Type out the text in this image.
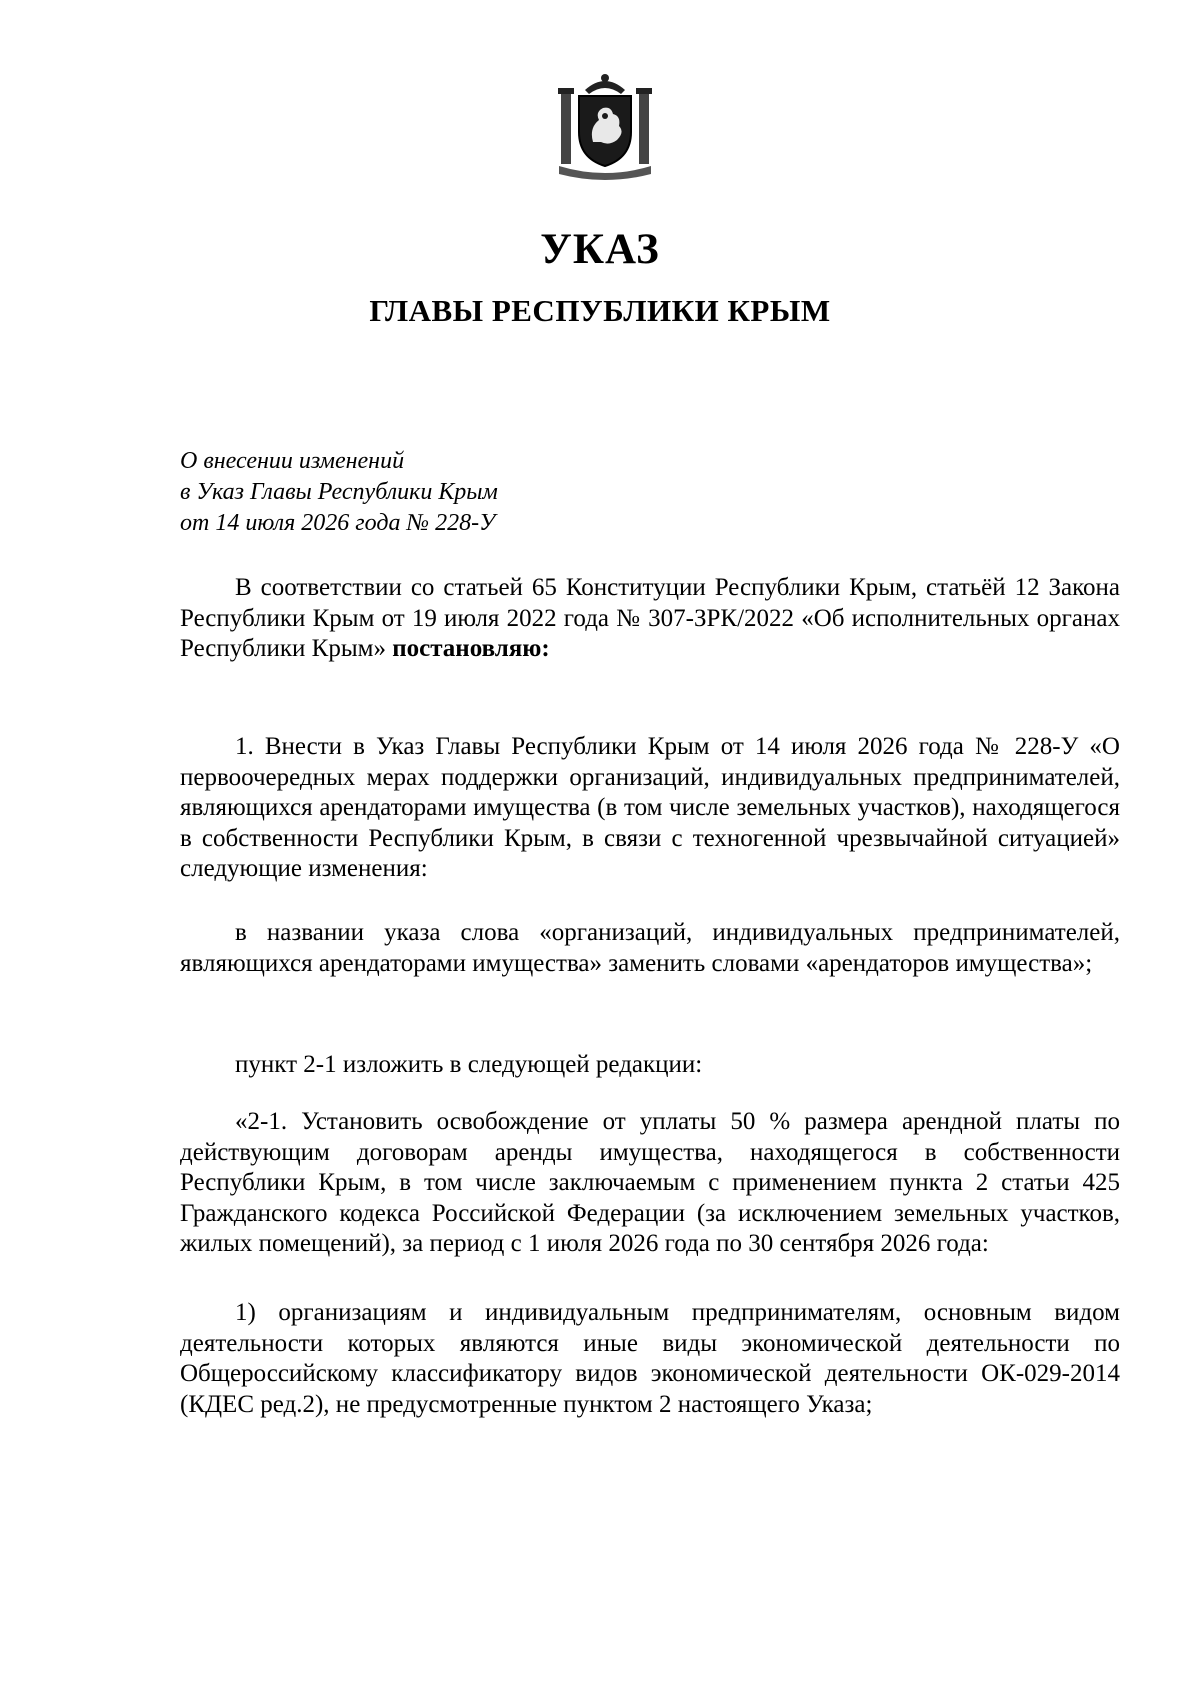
УКАЗ
ГЛАВЫ РЕСПУБЛИКИ КРЫМ
О внесении изменений
в Указ Главы Республики Крым
от 14 июля 2026 года № 228-У

В соответствии со статьей 65 Конституции Республики Крым, статьёй 12 Закона Республики Крым от 19 июля 2022 года № 307-ЗРК/2022 «Об исполнительных органах Республики Крым» постановляю:

1. Внести в Указ Главы Республики Крым от 14 июля 2026 года № 228-У «О первоочередных мерах поддержки организаций, индивидуальных предпринимателей, являющихся арендаторами имущества (в том числе земельных участков), находящегося в собственности Республики Крым, в связи с техногенной чрезвычайной ситуацией» следующие изменения:

в названии указа слова «организаций, индивидуальных предпринимателей, являющихся арендаторами имущества» заменить словами «арендаторов имущества»;

пункт 2-1 изложить в следующей редакции:

«2-1. Установить освобождение от уплаты 50 % размера арендной платы по действующим договорам аренды имущества, находящегося в собственности Республики Крым, в том числе заключаемым с применением пункта 2 статьи 425 Гражданского кодекса Российской Федерации (за исключением земельных участков, жилых помещений), за период с 1 июля 2026 года по 30 сентября 2026 года:

1) организациям и индивидуальным предпринимателям, основным видом деятельности которых являются иные виды экономической деятельности по Общероссийскому классификатору видов экономической деятельности ОК-029-2014 (КДЕС ред.2), не предусмотренные пунктом 2 настоящего Указа;
